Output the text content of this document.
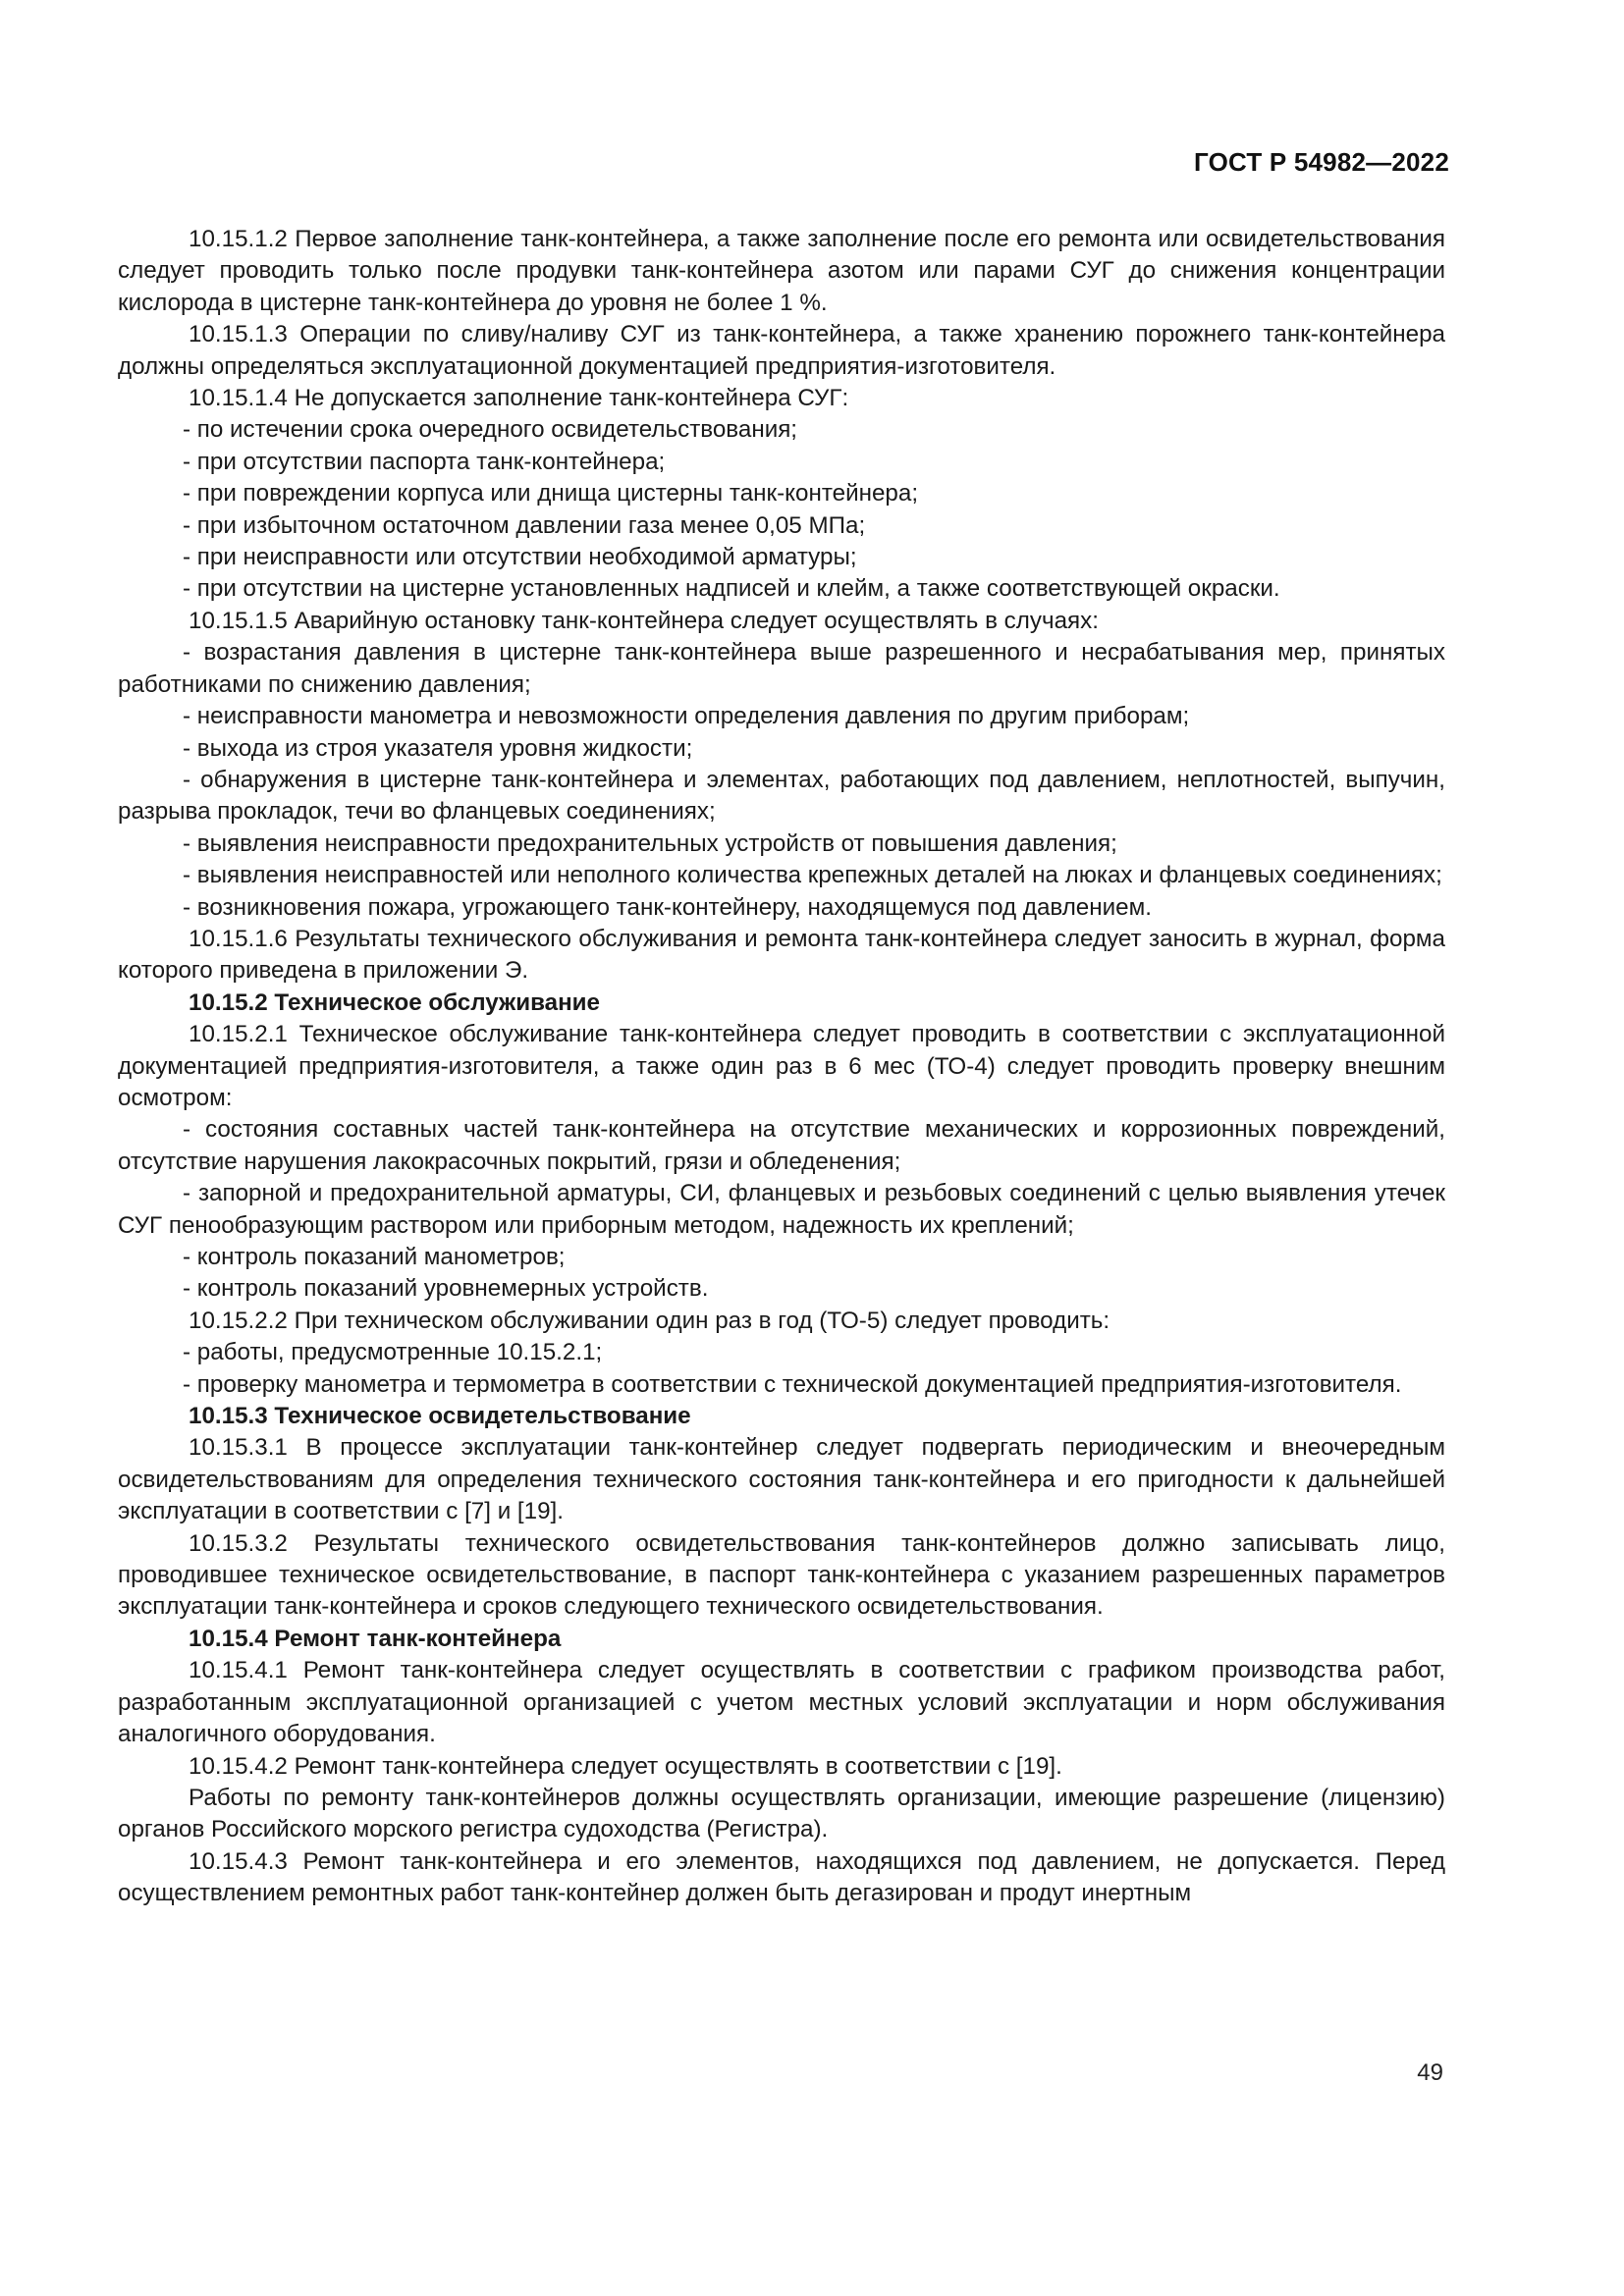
ГОСТ Р 54982—2022

10.15.1.2 Первое заполнение танк-контейнера, а также заполнение после его ремонта или освидетельствования следует проводить только после продувки танк-контейнера азотом или парами СУГ до снижения концентрации кислорода в цистерне танк-контейнера до уровня не более 1 %.

10.15.1.3 Операции по сливу/наливу СУГ из танк-контейнера, а также хранению порожнего танк-контейнера должны определяться эксплуатационной документацией предприятия-изготовителя.

10.15.1.4 Не допускается заполнение танк-контейнера СУГ:

- по истечении срока очередного освидетельствования;

- при отсутствии паспорта танк-контейнера;

- при повреждении корпуса или днища цистерны танк-контейнера;

- при избыточном остаточном давлении газа менее 0,05 МПа;

- при неисправности или отсутствии необходимой арматуры;

- при отсутствии на цистерне установленных надписей и клейм, а также соответствующей окраски.

10.15.1.5 Аварийную остановку танк-контейнера следует осуществлять в случаях:

- возрастания давления в цистерне танк-контейнера выше разрешенного и несрабатывания мер, принятых работниками по снижению давления;

- неисправности манометра и невозможности определения давления по другим приборам;

- выхода из строя указателя уровня жидкости;

- обнаружения в цистерне танк-контейнера и элементах, работающих под давлением, неплотностей, выпучин, разрыва прокладок, течи во фланцевых соединениях;

- выявления неисправности предохранительных устройств от повышения давления;

- выявления неисправностей или неполного количества крепежных деталей на люках и фланцевых соединениях;

- возникновения пожара, угрожающего танк-контейнеру, находящемуся под давлением.

10.15.1.6 Результаты технического обслуживания и ремонта танк-контейнера следует заносить в журнал, форма которого приведена в приложении Э.

10.15.2 Техническое обслуживание

10.15.2.1 Техническое обслуживание танк-контейнера следует проводить в соответствии с эксплуатационной документацией предприятия-изготовителя, а также один раз в 6 мес (ТО-4) следует проводить проверку внешним осмотром:

- состояния составных частей танк-контейнера на отсутствие механических и коррозионных повреждений, отсутствие нарушения лакокрасочных покрытий, грязи и обледенения;

- запорной и предохранительной арматуры, СИ, фланцевых и резьбовых соединений с целью выявления утечек СУГ пенообразующим раствором или приборным методом, надежность их креплений;

- контроль показаний манометров;

- контроль показаний уровнемерных устройств.

10.15.2.2 При техническом обслуживании один раз в год (ТО-5) следует проводить:

- работы, предусмотренные 10.15.2.1;

- проверку манометра и термометра в соответствии с технической документацией предприятия-изготовителя.

10.15.3 Техническое освидетельствование

10.15.3.1 В процессе эксплуатации танк-контейнер следует подвергать периодическим и внеочередным освидетельствованиям для определения технического состояния танк-контейнера и его пригодности к дальнейшей эксплуатации в соответствии с [7] и [19].

10.15.3.2 Результаты технического освидетельствования танк-контейнеров должно записывать лицо, проводившее техническое освидетельствование, в паспорт танк-контейнера с указанием разрешенных параметров эксплуатации танк-контейнера и сроков следующего технического освидетельствования.

10.15.4 Ремонт танк-контейнера

10.15.4.1 Ремонт танк-контейнера следует осуществлять в соответствии с графиком производства работ, разработанным эксплуатационной организацией с учетом местных условий эксплуатации и норм обслуживания аналогичного оборудования.

10.15.4.2 Ремонт танк-контейнера следует осуществлять в соответствии с [19].

Работы по ремонту танк-контейнеров должны осуществлять организации, имеющие разрешение (лицензию) органов Российского морского регистра судоходства (Регистра).

10.15.4.3 Ремонт танк-контейнера и его элементов, находящихся под давлением, не допускается. Перед осуществлением ремонтных работ танк-контейнер должен быть дегазирован и продут инертным

49
